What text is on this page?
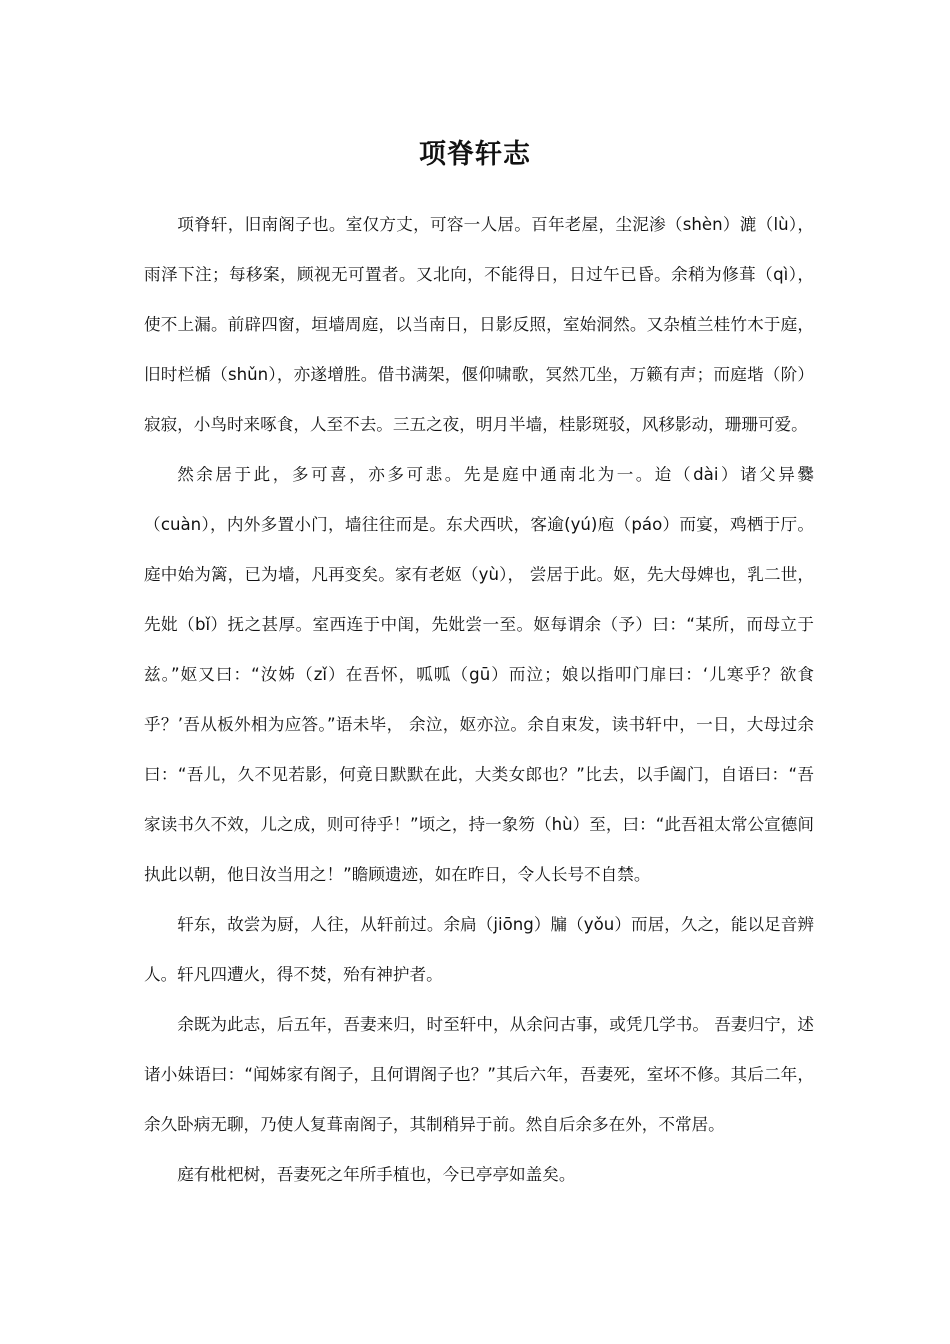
项脊轩志

项脊轩，旧南阁子也。室仅方丈，可容一人居。百年老屋，尘泥渗（shèn）漉（lù），雨泽下注；每移案，顾视无可置者。又北向，不能得日，日过午已昏。余稍为修葺（qì），使不上漏。前辟四窗，垣墙周庭，以当南日，日影反照，室始洞然。又杂植兰桂竹木于庭，旧时栏楯（shǔn），亦遂增胜。借书满架，偃仰啸歌，冥然兀坐，万籁有声；而庭堦（阶）寂寂，小鸟时来啄食，人至不去。三五之夜，明月半墙，桂影斑驳，风移影动，珊珊可爱。

然余居于此，多可喜，亦多可悲。先是庭中通南北为一。迨（dài）诸父异爨（cuàn），内外多置小门，墙往往而是。东犬西吠，客逾(yú)庖（páo）而宴，鸡栖于厅。庭中始为篱，已为墙，凡再变矣。家有老妪（yù）， 尝居于此。妪，先大母婢也，乳二世，先妣（bǐ）抚之甚厚。室西连于中闺，先妣尝一至。妪每谓余（予）曰：“某所，而母立于兹。”妪又曰：“汝姊（zǐ）在吾怀，呱呱（gū）而泣；娘以指叩门扉曰：‘儿寒乎？欲食乎？’吾从板外相为应答。”语未毕， 余泣，妪亦泣。余自束发，读书轩中，一日，大母过余曰：“吾儿，久不见若影，何竟日默默在此，大类女郎也？”比去，以手阖门，自语曰：“吾家读书久不效，儿之成，则可待乎！”顷之，持一象笏（hù）至，曰：“此吾祖太常公宣德间执此以朝，他日汝当用之！”瞻顾遗迹，如在昨日，令人长号不自禁。

轩东，故尝为厨，人往，从轩前过。余扃（jiōng）牖（yǒu）而居，久之，能以足音辨人。轩凡四遭火，得不焚，殆有神护者。

余既为此志，后五年，吾妻来归，时至轩中，从余问古事，或凭几学书。 吾妻归宁，述诸小妹语曰：“闻姊家有阁子，且何谓阁子也？”其后六年，吾妻死，室坏不修。其后二年，余久卧病无聊，乃使人复葺南阁子，其制稍异于前。然自后余多在外，不常居。

庭有枇杷树，吾妻死之年所手植也，今已亭亭如盖矣。
